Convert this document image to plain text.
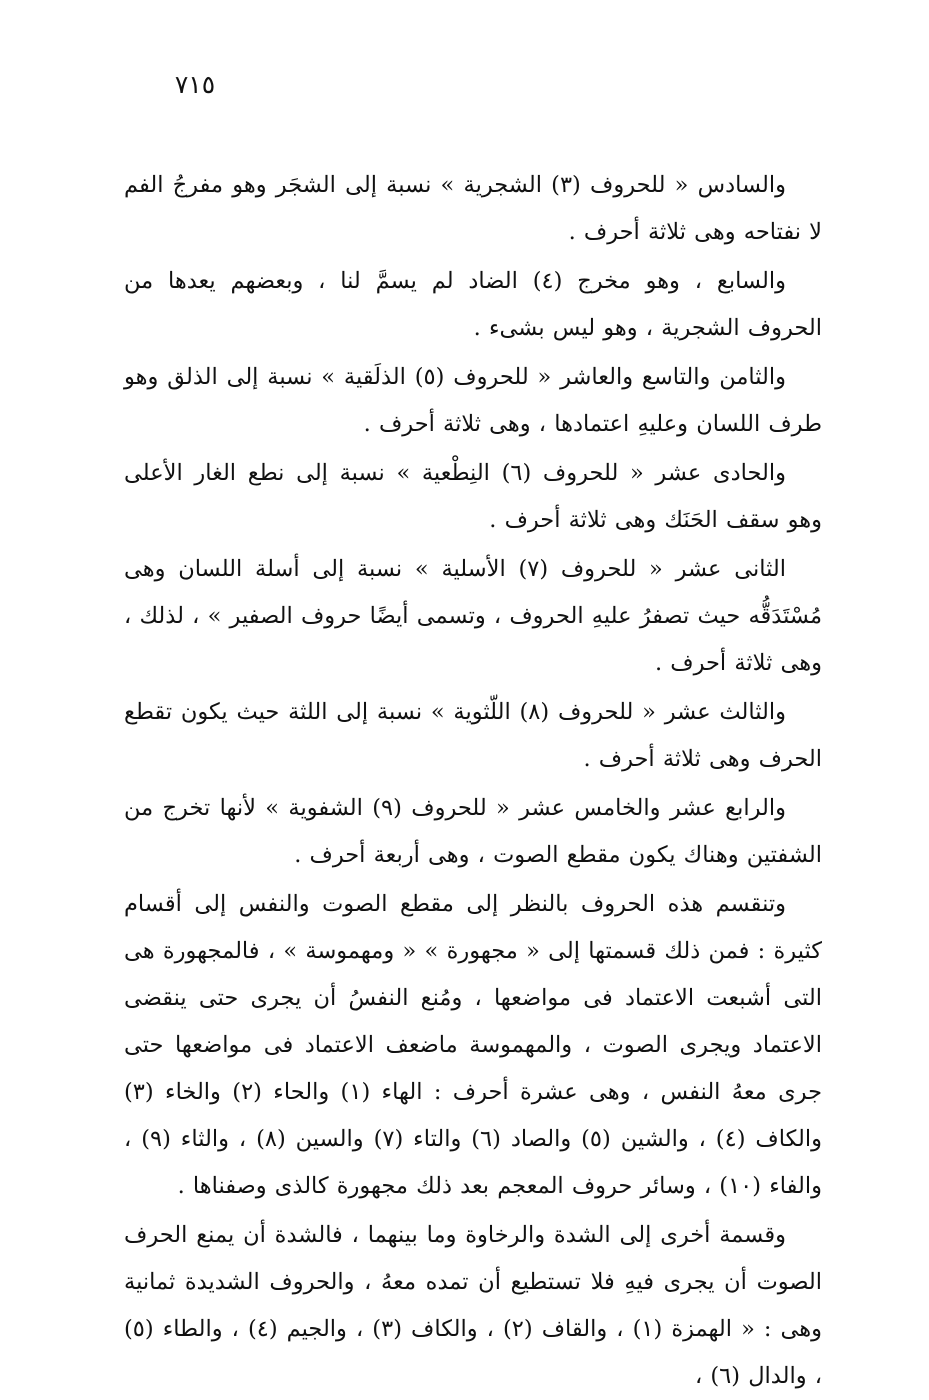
٧١٥

والسادس « للحروف (٣) الشجرية » نسبة إلى الشجَر وهو مفرجُ الفم لا نفتاحه وهى ثلاثة أحرف .

والسابع ، وهو مخرج (٤) الضاد لم يسمَّ لنا ، وبعضهم يعدها من الحروف الشجرية ، وهو ليس بشىء .

والثامن والتاسع والعاشر « للحروف (٥) الذلَقية » نسبة إلى الذلق وهو طرف اللسان وعليهِ اعتمادها ، وهى ثلاثة أحرف .

والحادى عشر « للحروف (٦) النِطْعية » نسبة إلى نطع الغار الأعلى وهو سقف الحَنَك وهى ثلاثة أحرف .

الثانى عشر « للحروف (٧) الأسلية » نسبة إلى أسلة اللسان وهى مُسْتَدَقُّه حيث تصفرُ عليهِ الحروف ، وتسمى أيضًا حروف الصفير » ، لذلك ، وهى ثلاثة أحرف .

والثالث عشر « للحروف (٨) اللّثوية » نسبة إلى اللثة حيث يكون تقطع الحرف وهى ثلاثة أحرف .

والرابع عشر والخامس عشر « للحروف (٩) الشفوية » لأنها تخرج من الشفتين وهناك يكون مقطع الصوت ، وهى أربعة أحرف .

وتنقسم هذه الحروف بالنظر إلى مقطع الصوت والنفس إلى أقسام كثيرة : فمن ذلك قسمتها إلى « مجهورة » « ومهموسة » ، فالمجهورة هى التى أشبعت الاعتماد فى مواضعها ، ومُنع النفسُ أن يجرى حتى ينقضى الاعتماد ويجرى الصوت ، والمهموسة ماضعف الاعتماد فى مواضعها حتى جرى معهُ النفس ، وهى عشرة أحرف : الهاء (١) والحاء (٢) والخاء (٣) والكاف (٤) ، والشين (٥) والصاد (٦) والتاء (٧) والسين (٨) ، والثاء (٩) ، والفاء (١٠) ، وسائر حروف المعجم بعد ذلك مجهورة كالذى وصفناها .

وقسمة أخرى إلى الشدة والرخاوة وما بينهما ، فالشدة أن يمنع الحرف الصوت أن يجرى فيهِ فلا تستطيع أن تمده معهُ ، والحروف الشديدة ثمانية وهى : « الهمزة (١) ، والقاف (٢) ، والكاف (٣) ، والجيم (٤) ، والطاء (٥) ، والدال (٦) ،
